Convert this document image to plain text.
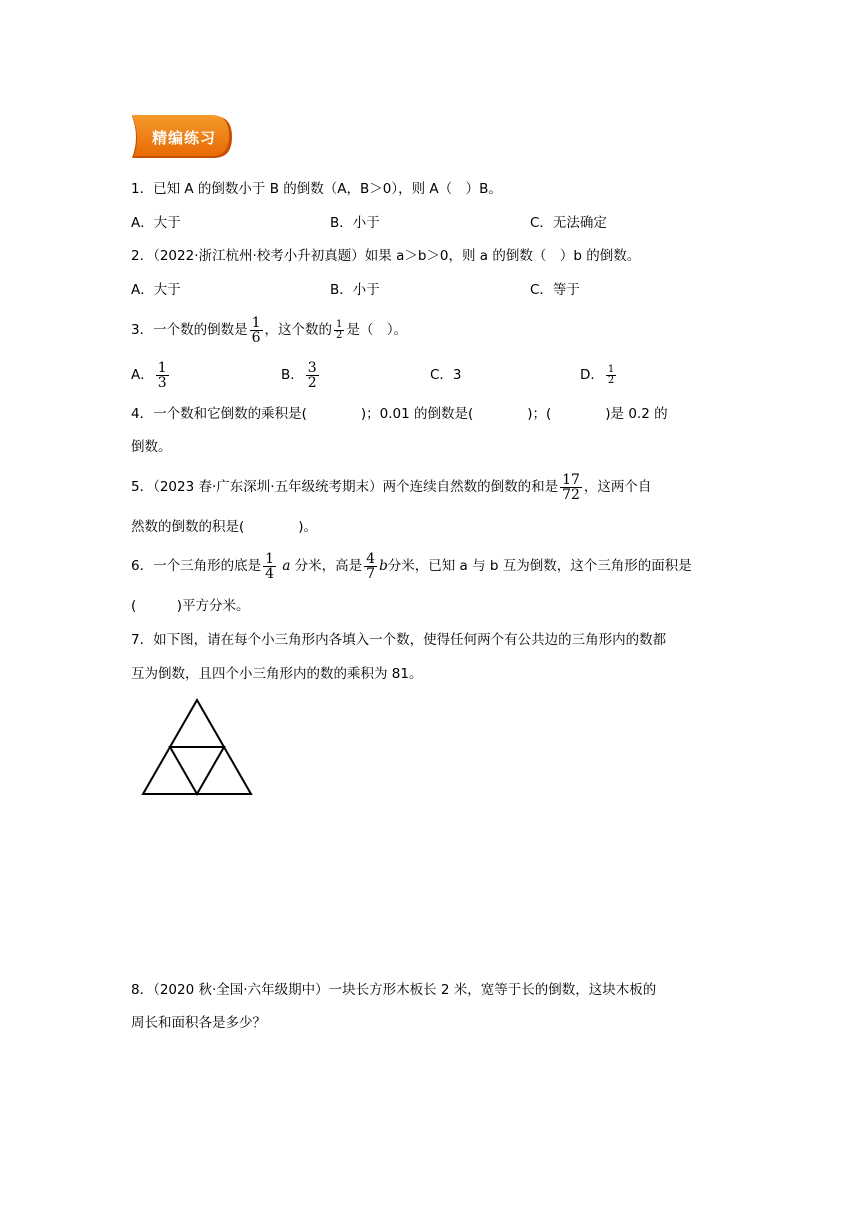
精编练习
1．已知 A 的倒数小于 B 的倒数（A，B＞0），则 A（　）B。
A．大于	B．小于	C．无法确定
2．（2022·浙江杭州·校考小升初真题）如果 a＞b＞0，则 a 的倒数（　）b 的倒数。
A．大于	B．小于	C．等于
3．一个数的倒数是 $\frac{1}{6}$ ，这个数的 $\frac{1}{2}$ 是（　）。
A． $\frac{1}{3}$	B． $\frac{3}{2}$	C．3	D． $\frac{1}{2}$
4．一个数和它倒数的乘积是(　　　　)；0.01 的倒数是(　　　　)；(　　　　)是 0.2 的
倒数。
5．（2023 春·广东深圳·五年级统考期末）两个连续自然数的倒数的和是 $\frac{17}{72}$ ，这两个自
然数的倒数的积是(　　　　)。
6．一个三角形的底是 $\frac{1}{4}$ a 分米，高是 $\frac{4}{7}$ b分米，已知 a 与 b 互为倒数，这个三角形的面积是
(　　　)平方分米。
7．如下图，请在每个小三角形内各填入一个数，使得任何两个有公共边的三角形内的数都
互为倒数，且四个小三角形内的数的乘积为 81。
8．（2020 秋·全国·六年级期中）一块长方形木板长 2 米，宽等于长的倒数，这块木板的
周长和面积各是多少？
